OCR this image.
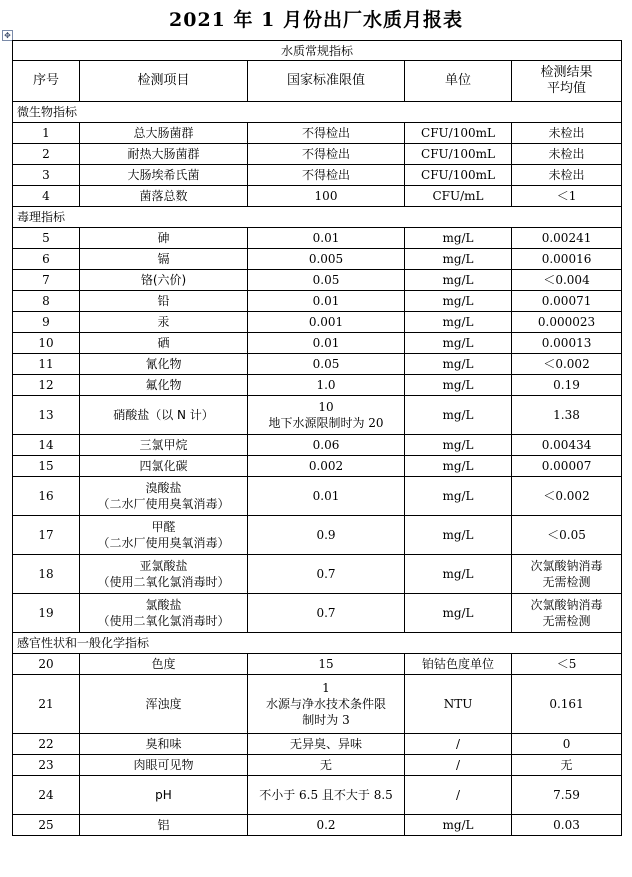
2021 年 1 月份出厂水质月报表
✥
水质常规指标				
序号	检测项目	国家标准限值	单位	检测结果
平均值

微生物指标				
1	总大肠菌群	不得检出	CFU/100mL	未检出

2	耐热大肠菌群	不得检出	CFU/100mL	未检出

3	大肠埃希氏菌	不得检出	CFU/100mL	未检出

4	菌落总数	100	CFU/mL	＜1

毒理指标				
5	砷	0.01	mg/L	0.00241

6	镉	0.005	mg/L	0.00016

7	铬(六价)	0.05	mg/L	＜0.004

8	铅	0.01	mg/L	0.00071

9	汞	0.001	mg/L	0.000023

10	硒	0.01	mg/L	0.00013

11	氰化物	0.05	mg/L	＜0.002

12	氟化物	1.0	mg/L	0.19

13	硝酸盐（以 N 计）	10
地下水源限制时为 20	mg/L	1.38

14	三氯甲烷	0.06	mg/L	0.00434

15	四氯化碳	0.002	mg/L	0.00007

16	溴酸盐
（二水厂使用臭氧消毒）	0.01	mg/L	＜0.002

17	甲醛
（二水厂使用臭氧消毒）	0.9	mg/L	＜0.05

18	亚氯酸盐
（使用二氧化氯消毒时）	0.7	mg/L	次氯酸钠消毒
无需检测

19	氯酸盐
（使用二氧化氯消毒时）	0.7	mg/L	次氯酸钠消毒
无需检测

感官性状和一般化学指标				
20	色度	15	铂钴色度单位	＜5

21	浑浊度	1
水源与净水技术条件限
制时为 3	NTU	0.161

22	臭和味	无异臭、异味	/	0

23	肉眼可见物	无	/	无

24	pH	不小于 6.5 且不大于 8.5	/	7.59

25	铝	0.2	mg/L	0.03
